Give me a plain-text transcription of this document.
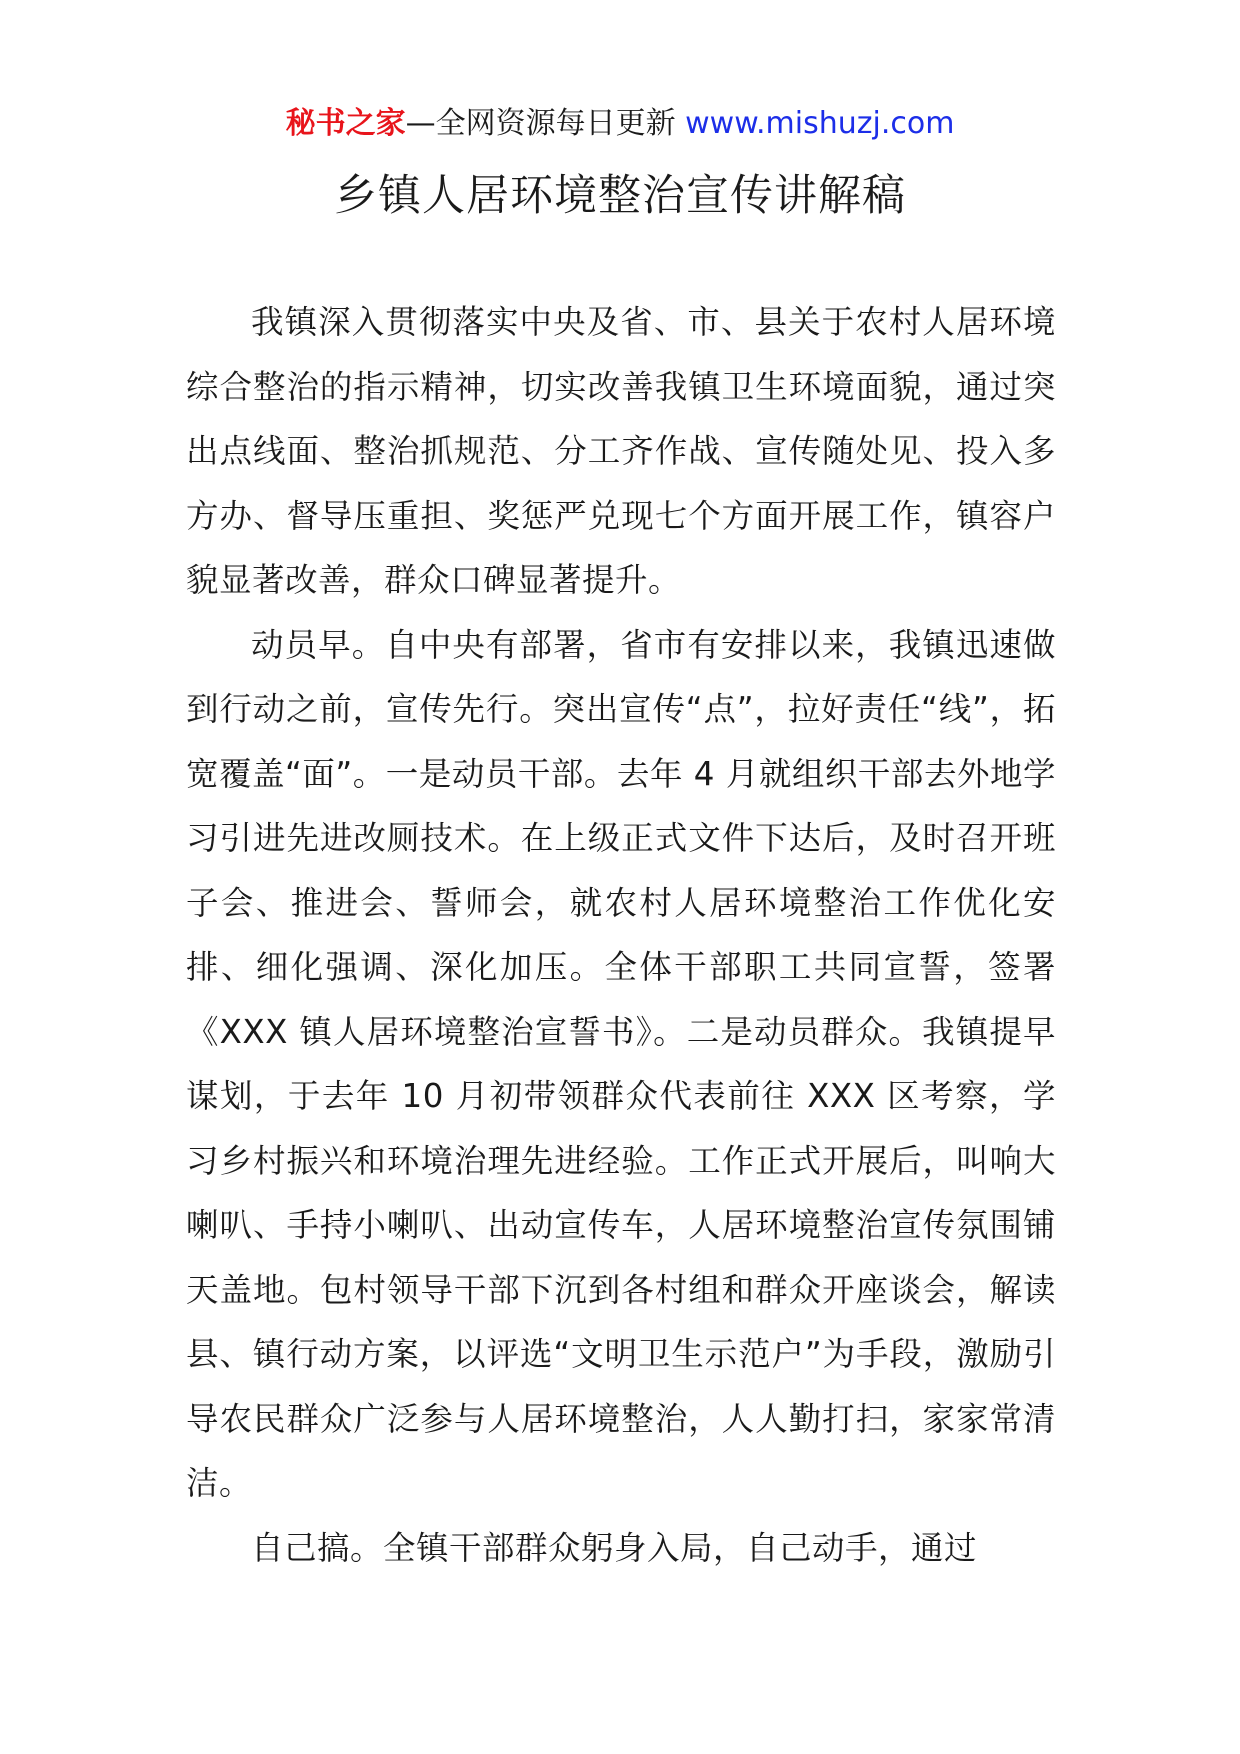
秘书之家—全网资源每日更新 www.mishuzj.com
乡镇人居环境整治宣传讲解稿

我镇深入贯彻落实中央及省、市、县关于农村人居环境综合整治的指示精神，切实改善我镇卫生环境面貌，通过突出点线面、整治抓规范、分工齐作战、宣传随处见、投入多方办、督导压重担、奖惩严兑现七个方面开展工作，镇容户貌显著改善，群众口碑显著提升。

动员早。自中央有部署，省市有安排以来，我镇迅速做到行动之前，宣传先行。突出宣传“点”，拉好责任“线”，拓宽覆盖“面”。一是动员干部。去年 4 月就组织干部去外地学习引进先进改厕技术。在上级正式文件下达后，及时召开班子会、推进会、誓师会，就农村人居环境整治工作优化安排、细化强调、深化加压。全体干部职工共同宣誓，签署《XXX 镇人居环境整治宣誓书》。二是动员群众。我镇提早谋划，于去年 10 月初带领群众代表前往 XXX 区考察，学习乡村振兴和环境治理先进经验。工作正式开展后，叫响大喇叭、手持小喇叭、出动宣传车，人居环境整治宣传氛围铺天盖地。包村领导干部下沉到各村组和群众开座谈会，解读县、镇行动方案，以评选“文明卫生示范户”为手段，激励引导农民群众广泛参与人居环境整治，人人勤打扫，家家常清洁。

自己搞。全镇干部群众躬身入局，自己动手，通过
